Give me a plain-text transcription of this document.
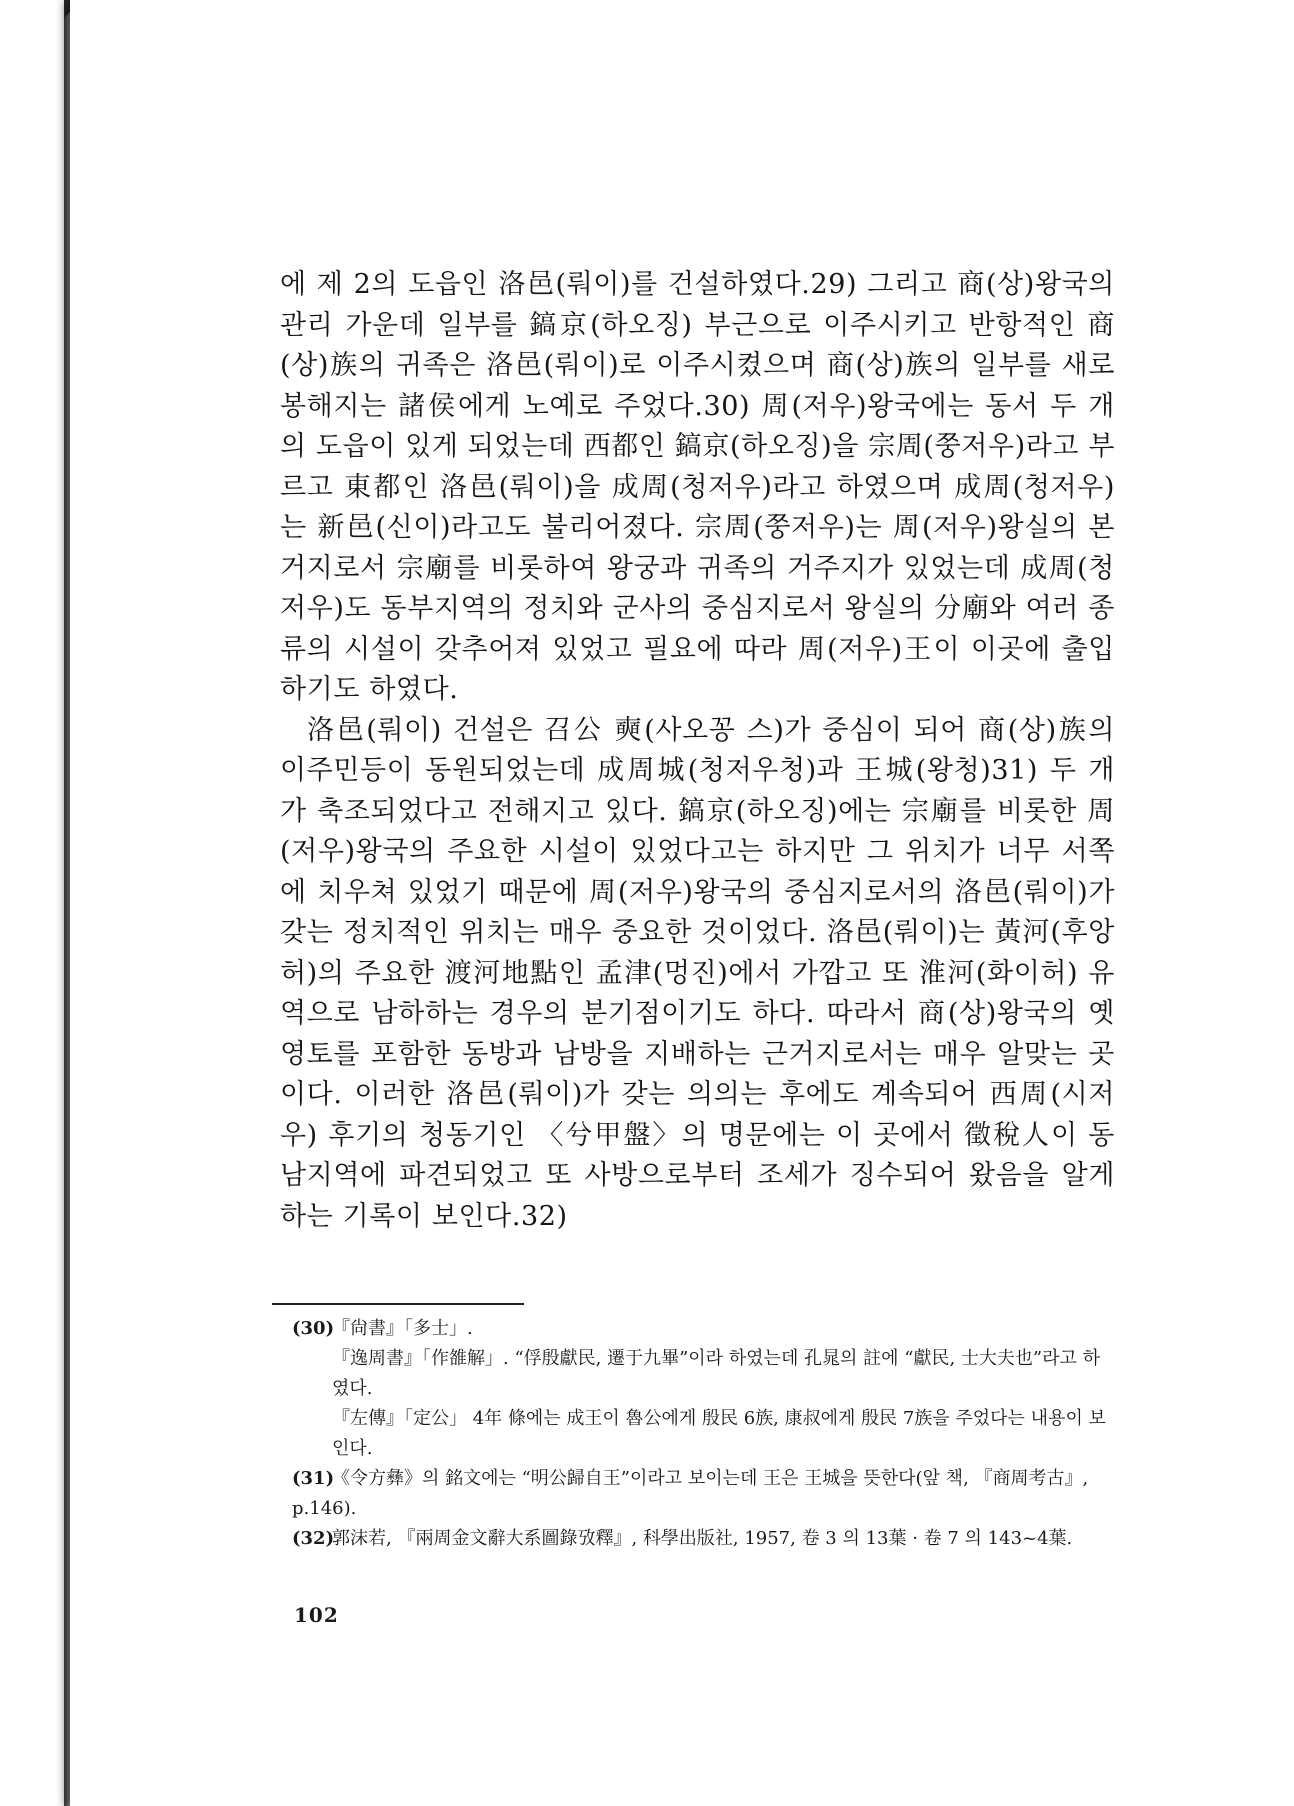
에 제 2의 도읍인 洛邑(뤄이)를 건설하였다.29) 그리고 商(상)왕국의 관리 가운데 일부를 鎬京(하오징) 부근으로 이주시키고 반항적인 商(상)族의 귀족은 洛邑(뤄이)로 이주시켰으며 商(상)族의 일부를 새로 봉해지는 諸侯에게 노예로 주었다.30) 周(저우)왕국에는 동서 두 개의 도읍이 있게 되었는데 西都인 鎬京(하오징)을 宗周(쭝저우)라고 부르고 東都인 洛邑(뤄이)을 成周(청저우)라고 하였으며 成周(청저우)는 新邑(신이)라고도 불리어졌다. 宗周(쭝저우)는 周(저우)왕실의 본거지로서 宗廟를 비롯하여 왕궁과 귀족의 거주지가 있었는데 成周(청저우)도 동부지역의 정치와 군사의 중심지로서 왕실의 分廟와 여러 종류의 시설이 갖추어져 있었고 필요에 따라 周(저우)王이 이곳에 출입하기도 하였다.

洛邑(뤄이) 건설은 召公 奭(사오꽁 스)가 중심이 되어 商(상)族의 이주민등이 동원되었는데 成周城(청저우청)과 王城(왕청)31) 두 개가 축조되었다고 전해지고 있다. 鎬京(하오징)에는 宗廟를 비롯한 周(저우)왕국의 주요한 시설이 있었다고는 하지만 그 위치가 너무 서쪽에 치우쳐 있었기 때문에 周(저우)왕국의 중심지로서의 洛邑(뤄이)가 갖는 정치적인 위치는 매우 중요한 것이었다. 洛邑(뤄이)는 黃河(후앙허)의 주요한 渡河地點인 孟津(멍진)에서 가깝고 또 淮河(화이허) 유역으로 남하하는 경우의 분기점이기도 하다. 따라서 商(상)왕국의 옛 영토를 포함한 동방과 남방을 지배하는 근거지로서는 매우 알맞는 곳이다. 이러한 洛邑(뤄이)가 갖는 의의는 후에도 계속되어 西周(시저우) 후기의 청동기인 〈兮甲盤〉의 명문에는 이 곳에서 徵稅人이 동남지역에 파견되었고 또 사방으로부터 조세가 징수되어 왔음을 알게 하는 기록이 보인다.32)

(30)『尙書』「多士」.
『逸周書』「作雒解」. “俘殷獻民, 遷于九畢”이라 하였는데 孔晁의 註에 “獻民, 士大夫也”라고 하였다.
『左傳』「定公」 4年 條에는 成王이 魯公에게 殷民 6族, 康叔에게 殷民 7族을 주었다는 내용이 보인다.
(31)《令方彝》의 銘文에는 “明公歸自王”이라고 보이는데 王은 王城을 뜻한다(앞 책, 『商周考古』, p.146).
(32)郭沫若, 『兩周金文辭大系圖錄攷釋』, 科學出版社, 1957, 卷 3 의 13葉 · 卷 7 의 143~4葉.
102
